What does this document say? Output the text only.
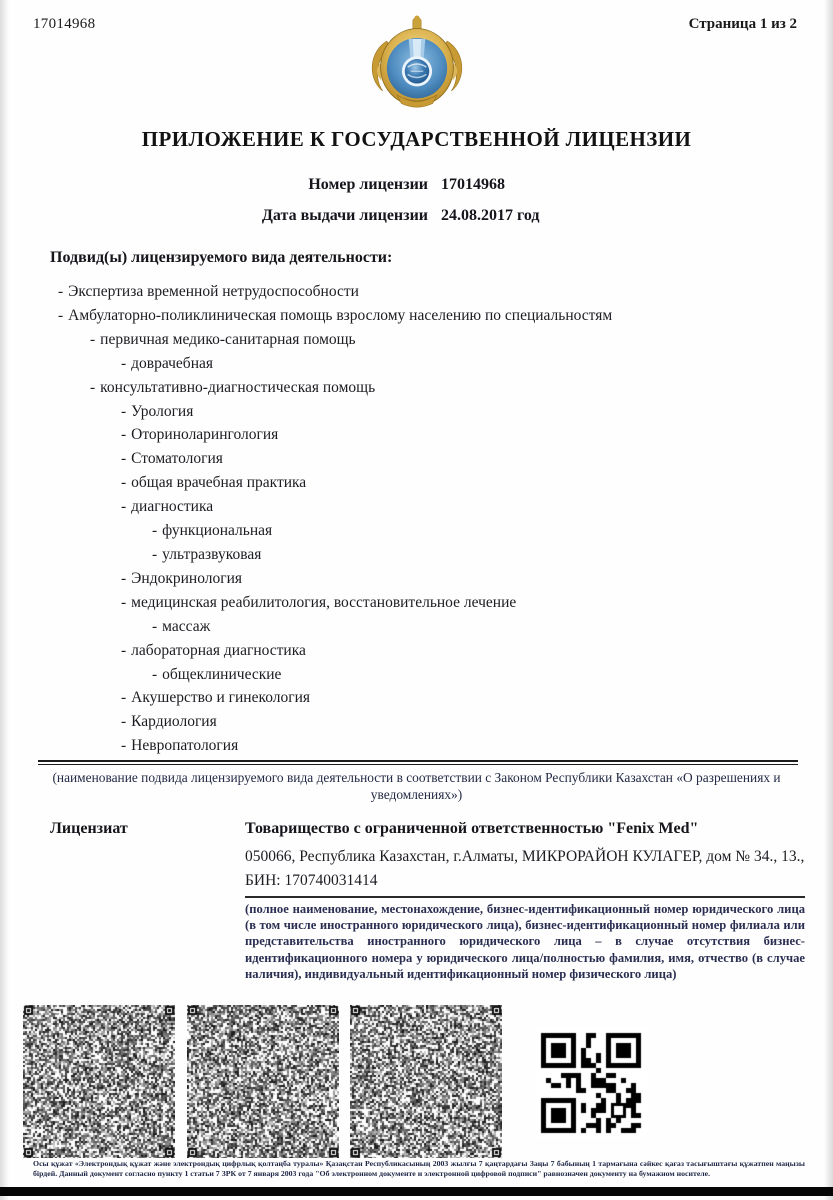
17014968	Страница 1 из 2
ПРИЛОЖЕНИЕ К ГОСУДАРСТВЕННОЙ ЛИЦЕНЗИИ
Номер лицензии 17014968
Дата выдачи лицензии 24.08.2017 год
Подвид(ы) лицензируемого вида деятельности:
- Экспертиза временной нетрудоспособности
- Амбулаторно-поликлиническая помощь взрослому населению по специальностям
- первичная медико-санитарная помощь
- доврачебная
- консультативно-диагностическая помощь
- Урология
- Оториноларингология
- Стоматология
- общая врачебная практика
- диагностика
- функциональная
- ультразвуковая
- Эндокринология
- медицинская реабилитология, восстановительное лечение
- массаж
- лабораторная диагностика
- общеклинические
- Акушерство и гинекология
- Кардиология
- Невропатология
(наименование подвида лицензируемого вида деятельности в соответствии с Законом Республики Казахстан «О разрешениях и уведомлениях»)
Лицензиат	Товарищество с ограниченной ответственностью "Fenix Med"
050066, Республика Казахстан, г.Алматы, МИКРОРАЙОН КУЛАГЕР, дом № 34., 13., БИН: 170740031414
(полное наименование, местонахождение, бизнес-идентификационный номер юридического лица (в том числе иностранного юридического лица), бизнес-идентификационный номер филиала или представительства иностранного юридического лица – в случае отсутствия бизнес-идентификационного номера у юридического лица/полностью фамилия, имя, отчество (в случае наличия), индивидуальный идентификационный номер физического лица)
Осы құжат «Электрондық құжат және электрондық цифрлық қолтаңба туралы» Қазақстан Республикасының 2003 жылғы 7 қаңтардағы Заңы 7 бабының 1 тармағына сәйкес қағаз тасығыштағы құжатпен маңызы бірдей. Данный документ согласно пункту 1 статьи 7 ЗРК от 7 января 2003 года "Об электронном документе и электронной цифровой подписи" равнозначен документу на бумажном носителе.
